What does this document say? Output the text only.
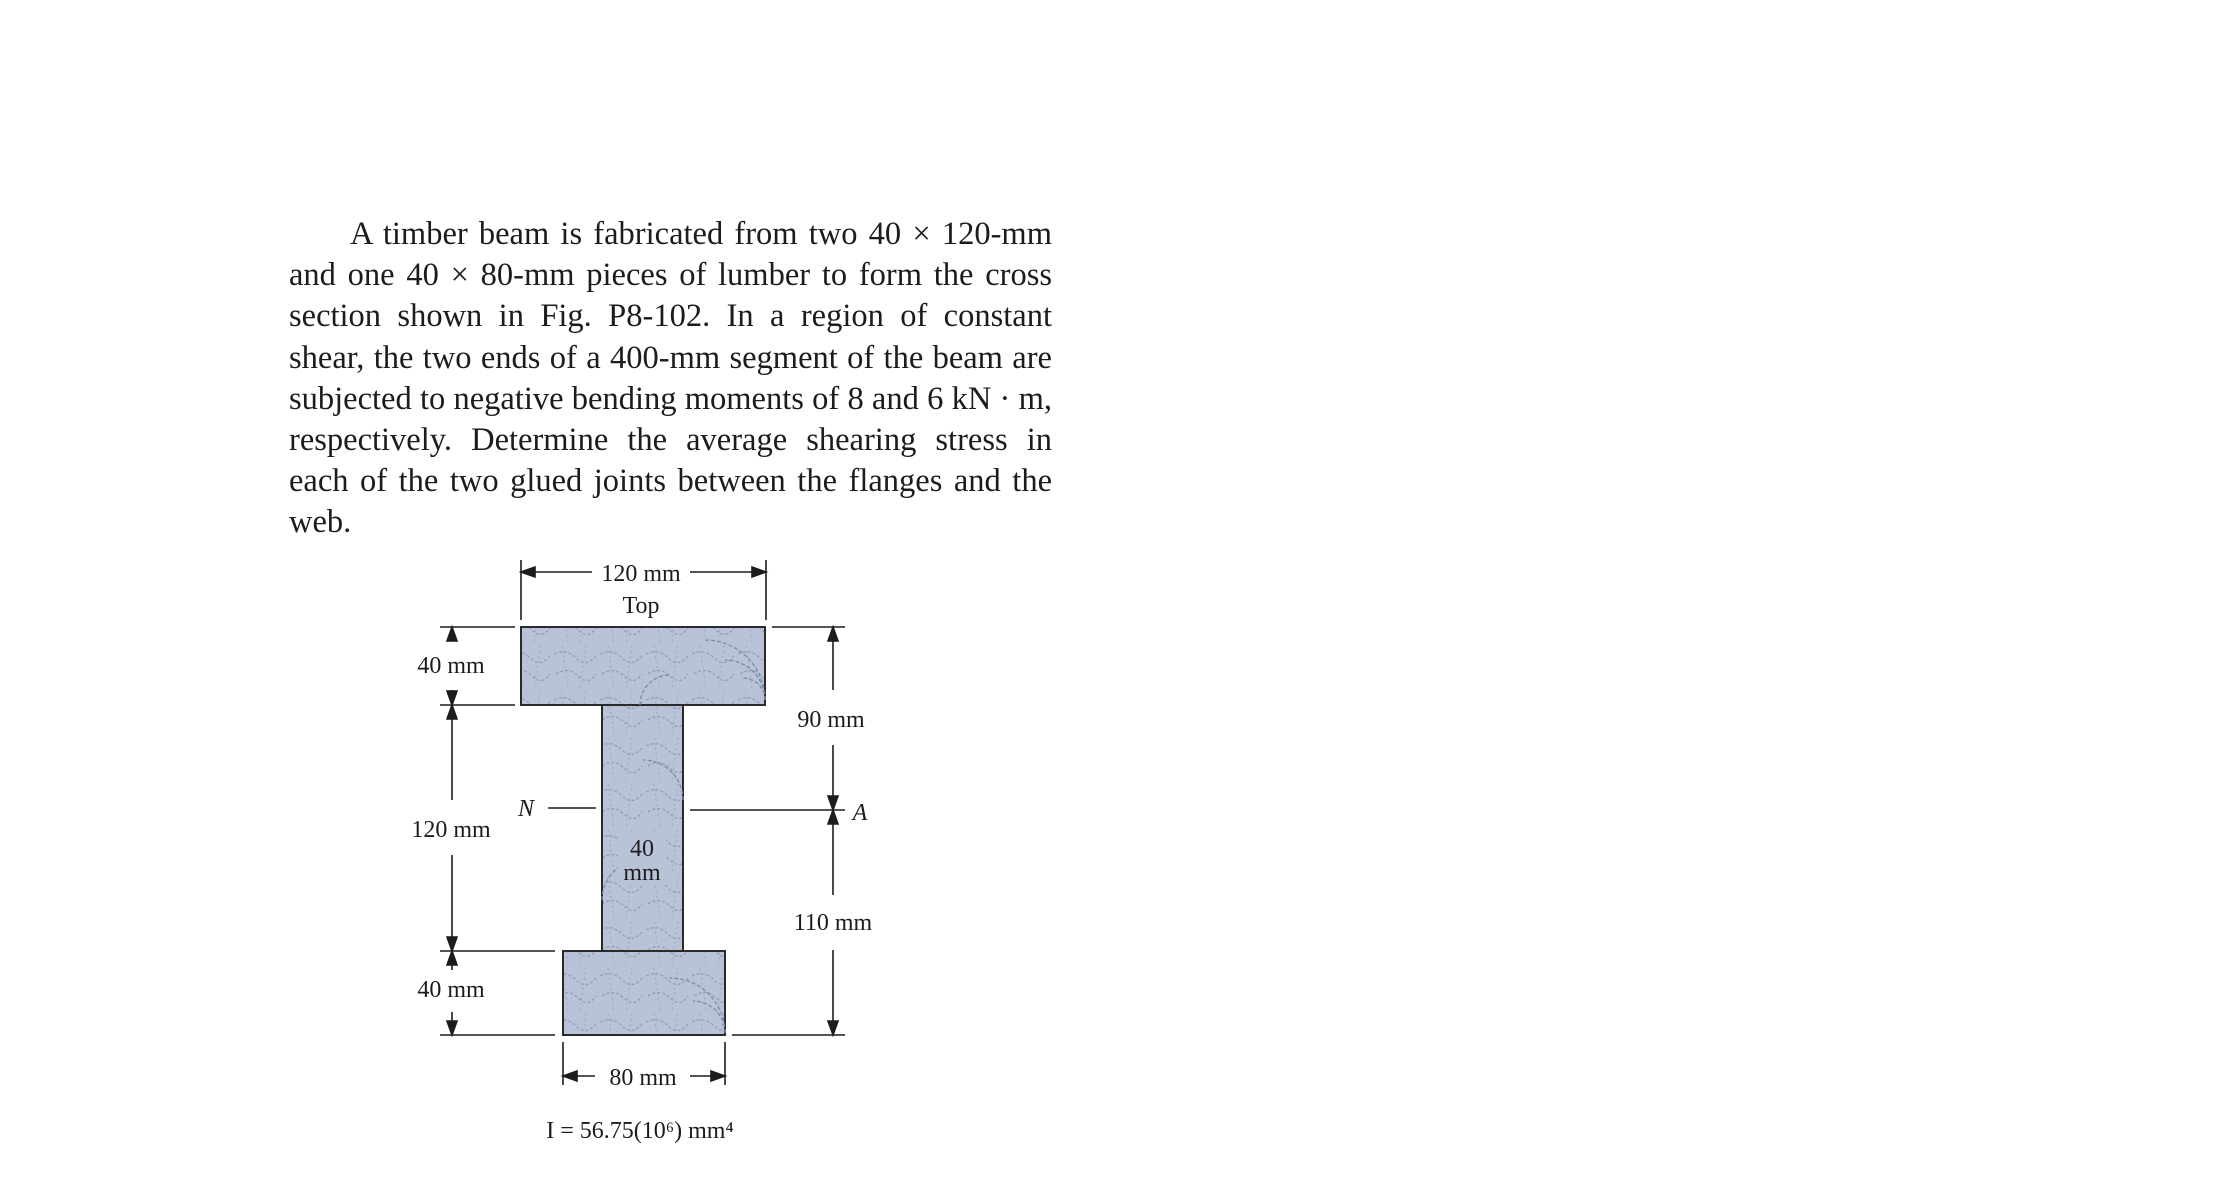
A timber beam is fabricated from two 40 × 120-mm and one 40 × 80-mm pieces of lumber to form the cross section shown in Fig. P8-102. In a region of constant shear, the two ends of a 400-mm segment of the beam are subjected to negative bending moments of 8 and 6 kN · m, respectively. Determine the average shearing stress in each of the two glued joints between the flanges and the web.

120 mm
Top
40 mm
120 mm
40 mm
N
40
mm
90 mm
A
110 mm
80 mm
I = 56.75(10⁶) mm⁴
